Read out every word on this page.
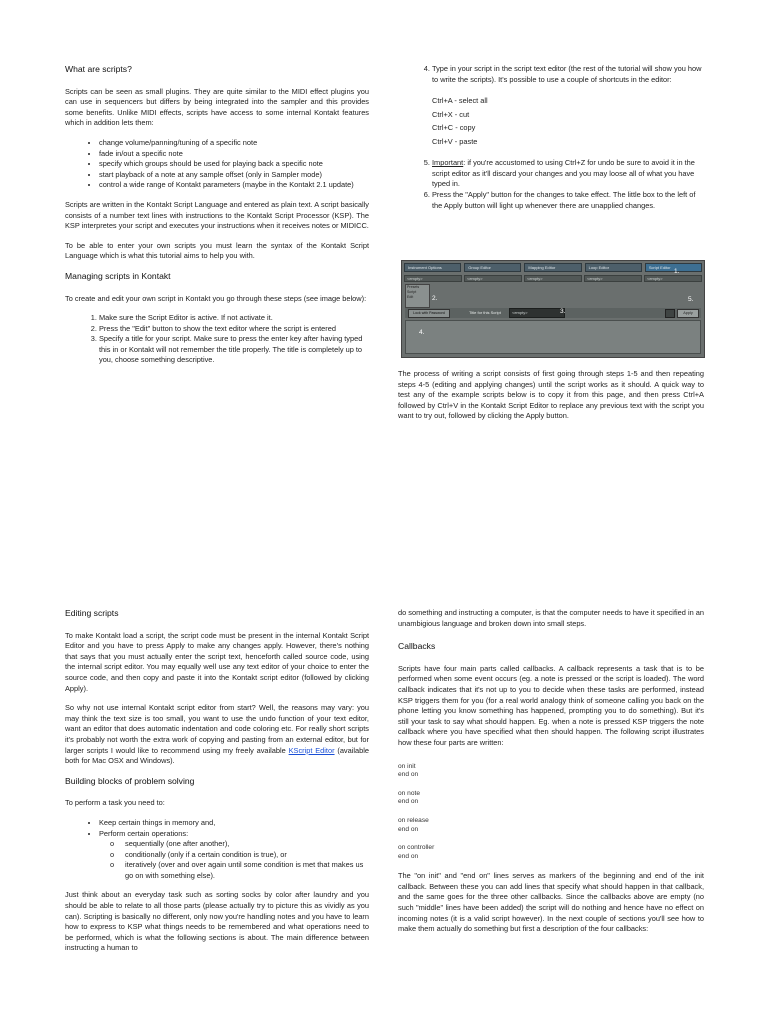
What are scripts?

Scripts can be seen as small plugins. They are quite similar to the MIDI effect plugins you can use in sequencers but differs by being integrated into the sampler and this provides some benefits. Unlike MIDI effects, scripts have access to some internal Kontakt features which in addition lets them:

• change volume/panning/tuning of a specific note
• fade in/out a specific note
• specify which groups should be used for playing back a specific note
• start playback of a note at any sample offset (only in Sampler mode)
• control a wide range of Kontakt parameters (maybe in the Kontakt 2.1 update)

Scripts are written in the Kontakt Script Language and entered as plain text. A script basically consists of a number text lines with instructions to the Kontakt Script Processor (KSP). The KSP interpretes your script and executes your instructions when it receives notes or MIDICC.

To be able to enter your own scripts you must learn the syntax of the Kontakt Script Language which is what this tutorial aims to help you with.

Managing scripts in Kontakt

To create and edit your own script in Kontakt you go through these steps (see image below):

1. Make sure the Script Editor is active. If not activate it.
2. Press the "Edit" button to show the text editor where the script is entered
3. Specify a title for your script. Make sure to press the enter key after having typed this in or Kontakt will not remember the title properly. The title is completely up to you, choose something descriptive.
4. Type in your script in the script text editor (the rest of the tutorial will show you how to write the scripts). It's possible to use a couple of shortcuts in the editor:
Ctrl+A - select all
Ctrl+X - cut
Ctrl+C - copy
Ctrl+V - paste
5. Important: if you're accustomed to using Ctrl+Z for undo be sure to avoid it in the script editor as it'll discard your changes and you may loose all of what you have typed in.
6. Press the "Apply" button for the changes to take effect. The little box to the left of the Apply button will light up whenever there are unapplied changes.
Instrument Options	Group Editor	Mapping Editor	Loop Editor	Script Editor
<empty>	<empty>	<empty>	<empty>	<empty>
Presets
Script
Edit
Lock with Password	Title for this Script	<empty>	Apply
1.
2.
3.
4.
5.

The process of writing a script consists of first going through steps 1-5 and then repeating steps 4-5 (editing and applying changes) until the script works as it should. A quick way to test any of the example scripts below is to copy it from this page, and then press Ctrl+A followed by Ctrl+V in the Kontakt Script Editor to replace any previous text with the script you want to try out, followed by clicking the Apply button.

Editing scripts

To make Kontakt load a script, the script code must be present in the internal Kontakt Script Editor and you have to press Apply to make any changes apply. However, there's nothing that says that you must actually enter the script text, henceforth called source code, using the internal script editor. You may equally well use any text editor of your choice to enter the source code, and then copy and paste it into the Kontakt script editor (followed by clicking Apply).

So why not use internal Kontakt script editor from start? Well, the reasons may vary: you may think the text size is too small, you want to use the undo function of your text editor, want an editor that does automatic indentation and code coloring etc. For really short scripts it's probably not worth the extra work of copying and pasting from an external editor, but for larger scripts I would like to recommend using my freely available KScript Editor (available both for Mac OSX and Windows).

Building blocks of problem solving

To perform a task you need to:

• Keep certain things in memory and,
• Perform certain operations:
o sequentially (one after another),
o conditionally (only if a certain condition is true), or
o iteratively (over and over again until some condition is met that makes us go on with something else).

Just think about an everyday task such as sorting socks by color after laundry and you should be able to relate to all those parts (please actually try to picture this as vividly as you can). Scripting is basically no different, only now you're handling notes and you have to learn how to express to KSP what things needs to be remembered and what operations need to be performed, which is what the following sections is about. The main difference between instructing a human to

do something and instructing a computer, is that the computer needs to have it specified in an unambigious language and broken down into small steps.

Callbacks

Scripts have four main parts called callbacks. A callback represents a task that is to be performed when some event occurs (eg. a note is pressed or the script is loaded). The word callback indicates that it's not up to you to decide when these tasks are performed, instead KSP triggers them for you (for a real world analogy think of someone calling you back on the phone letting you know something has happened, prompting you to do something). But it's still your task to say what should happen. Eg. when a note is pressed KSP triggers the note callback where you have specified what then should happen. The following script illustrates how these four parts are written:

on init
end on
on note
end on
on release
end on
on controller
end on

The "on init" and "end on" lines serves as markers of the beginning and end of the init callback. Between these you can add lines that specify what should happen in that callback, and the same goes for the three other callbacks. Since the callbacks above are empty (no such "middle" lines have been added) the script will do nothing and hence have no effect on incoming notes (it is a valid script however). In the next couple of sections you'll see how to make them actually do something but first a description of the four callbacks:
